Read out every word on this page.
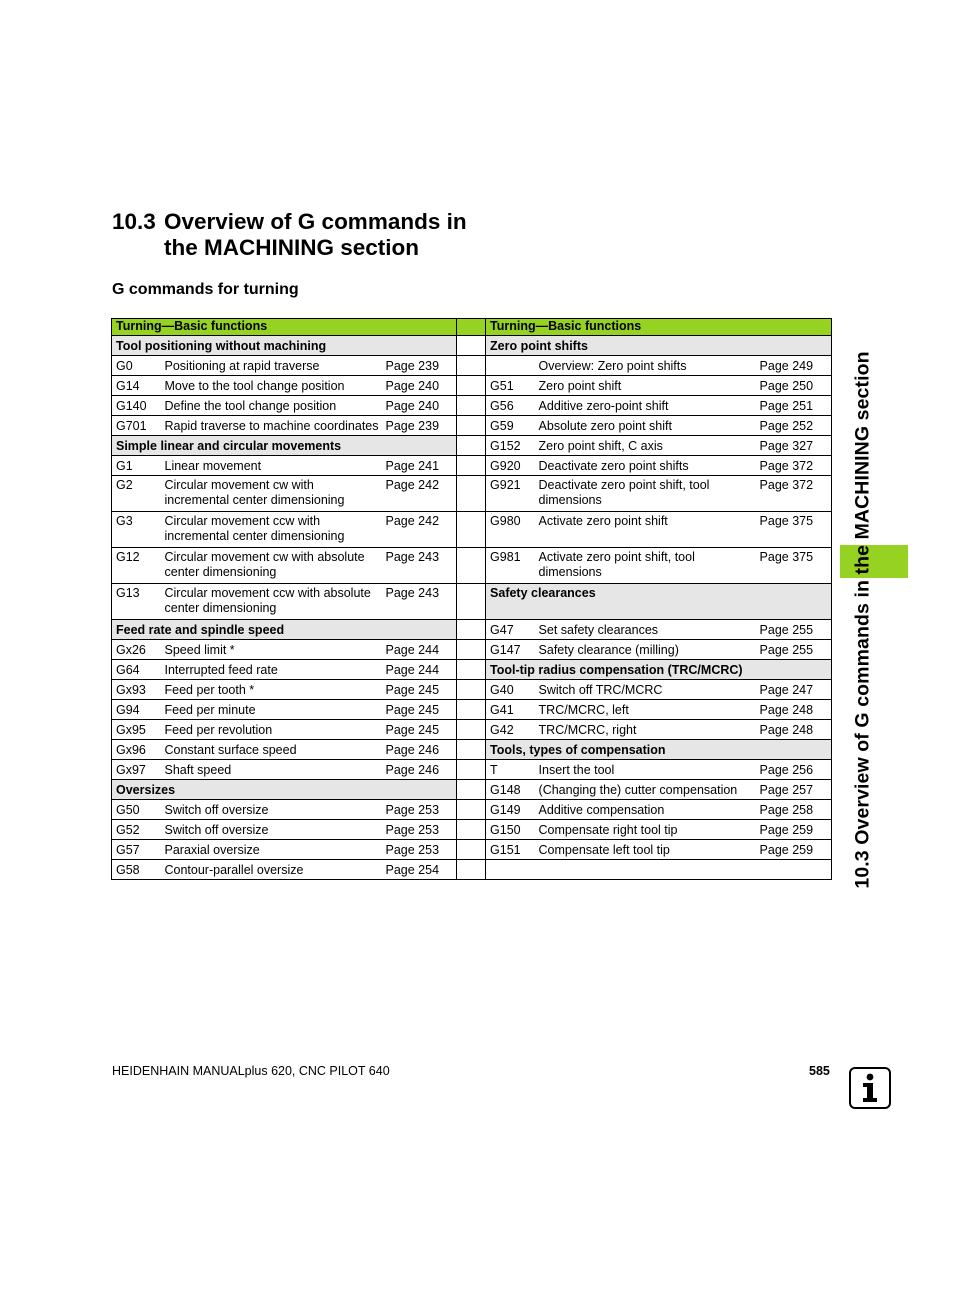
10.3 Overview of G commands in
the MACHINING section
G commands for turning
10.3 Overview of G commands in the MACHINING section
Turning—Basic functions				Turning—Basic functions		
Tool positioning without machining				Zero point shifts		
G0	Positioning at rapid traverse	Page 239			Overview: Zero point shifts	Page 249
G14	Move to the tool change position	Page 240		G51	Zero point shift	Page 250
G140	Define the tool change position	Page 240		G56	Additive zero-point shift	Page 251
G701	Rapid traverse to machine coordinates	Page 239		G59	Absolute zero point shift	Page 252
Simple linear and circular movements				G152	Zero point shift, C axis	Page 327
G1	Linear movement	Page 241		G920	Deactivate zero point shifts	Page 372
G2	Circular movement cw with incremental center dimensioning	Page 242		G921	Deactivate zero point shift, tool dimensions	Page 372
G3	Circular movement ccw with incremental center dimensioning	Page 242		G980	Activate zero point shift	Page 375
G12	Circular movement cw with absolute center dimensioning	Page 243		G981	Activate zero point shift, tool dimensions	Page 375
G13	Circular movement ccw with absolute center dimensioning	Page 243		Safety clearances		
Feed rate and spindle speed				G47	Set safety clearances	Page 255
Gx26	Speed limit *	Page 244		G147	Safety clearance (milling)	Page 255
G64	Interrupted feed rate	Page 244		Tool-tip radius compensation (TRC/MCRC)		
Gx93	Feed per tooth *	Page 245		G40	Switch off TRC/MCRC	Page 247
G94	Feed per minute	Page 245		G41	TRC/MCRC, left	Page 248
Gx95	Feed per revolution	Page 245		G42	TRC/MCRC, right	Page 248
Gx96	Constant surface speed	Page 246		Tools, types of compensation		
Gx97	Shaft speed	Page 246		T	Insert the tool	Page 256
Oversizes				G148	(Changing the) cutter compensation	Page 257
G50	Switch off oversize	Page 253		G149	Additive compensation	Page 258
G52	Switch off oversize	Page 253		G150	Compensate right tool tip	Page 259
G57	Paraxial oversize	Page 253		G151	Compensate left tool tip	Page 259
G58	Contour-parallel oversize	Page 254				
HEIDENHAIN MANUALplus 620, CNC PILOT 640	585
